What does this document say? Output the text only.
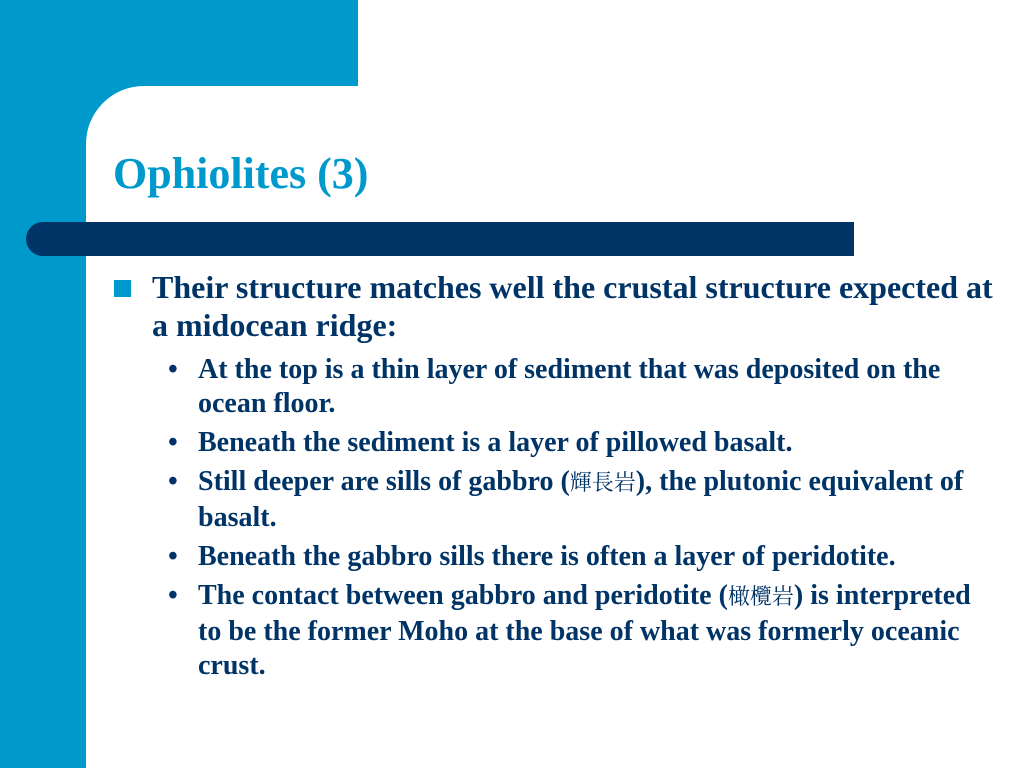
Ophiolites (3)
Their structure matches well the crustal structure expected at a midocean ridge:
• At the top is a thin layer of sediment that was deposited on the ocean floor.
• Beneath the sediment is a layer of pillowed basalt.
• Still deeper are sills of gabbro (輝長岩), the plutonic equivalent of basalt.
• Beneath the gabbro sills there is often a layer of peridotite.
• The contact between gabbro and peridotite (橄欖岩) is interpreted to be the former Moho at the base of what was formerly oceanic crust.
